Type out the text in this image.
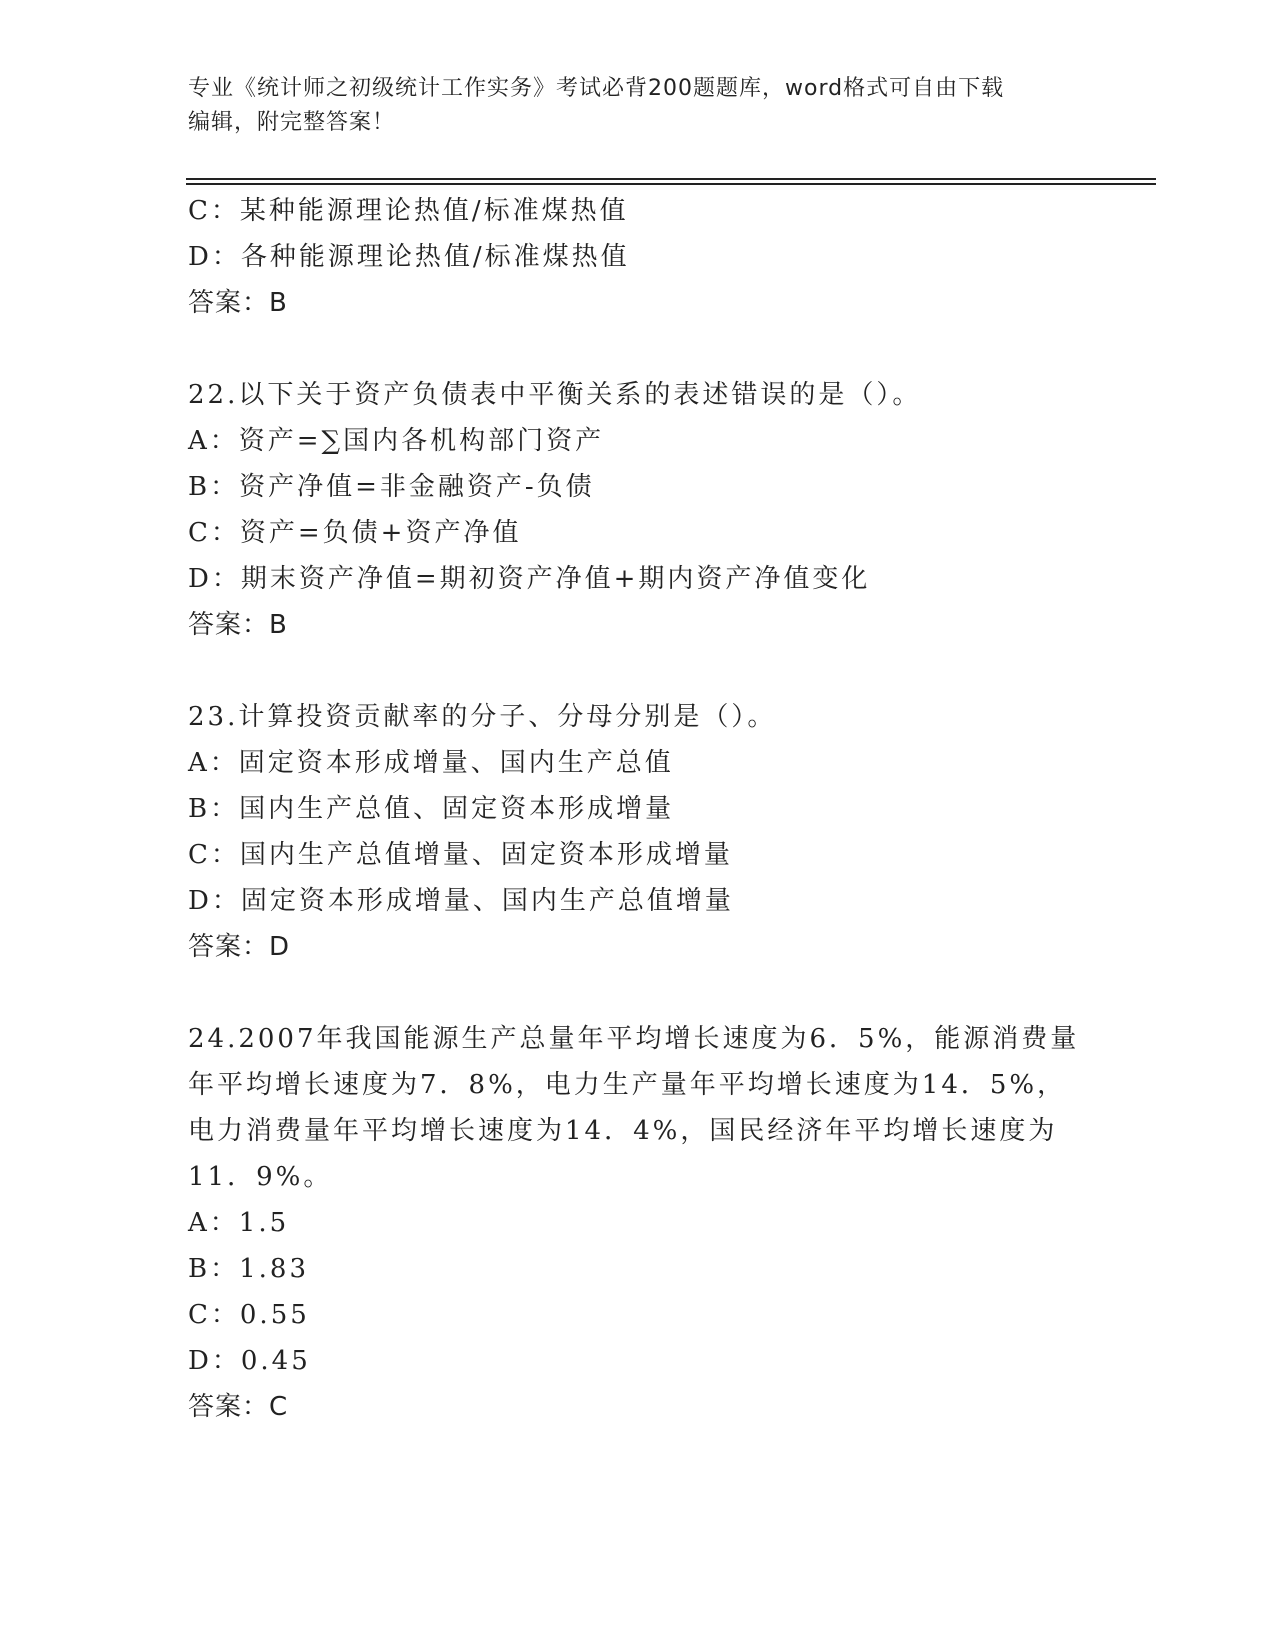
专业《统计师之初级统计工作实务》考试必背200题题库，word格式可自由下载
编辑，附完整答案！
C：某种能源理论热值/标准煤热值
D：各种能源理论热值/标准煤热值
答案：B
22.以下关于资产负债表中平衡关系的表述错误的是（）。
A：资产=∑国内各机构部门资产
B：资产净值=非金融资产-负债
C：资产=负债+资产净值
D：期末资产净值=期初资产净值+期内资产净值变化
答案：B
23.计算投资贡献率的分子、分母分别是（）。
A：固定资本形成增量、国内生产总值
B：国内生产总值、固定资本形成增量
C：国内生产总值增量、固定资本形成增量
D：固定资本形成增量、国内生产总值增量
答案：D
24.2007年我国能源生产总量年平均增长速度为6．5%，能源消费量年平均增长速度为7．8%，电力生产量年平均增长速度为14．5%，电力消费量年平均增长速度为14．4%，国民经济年平均增长速度为11．9%。
A：1.5
B：1.83
C：0.55
D：0.45
答案：C
